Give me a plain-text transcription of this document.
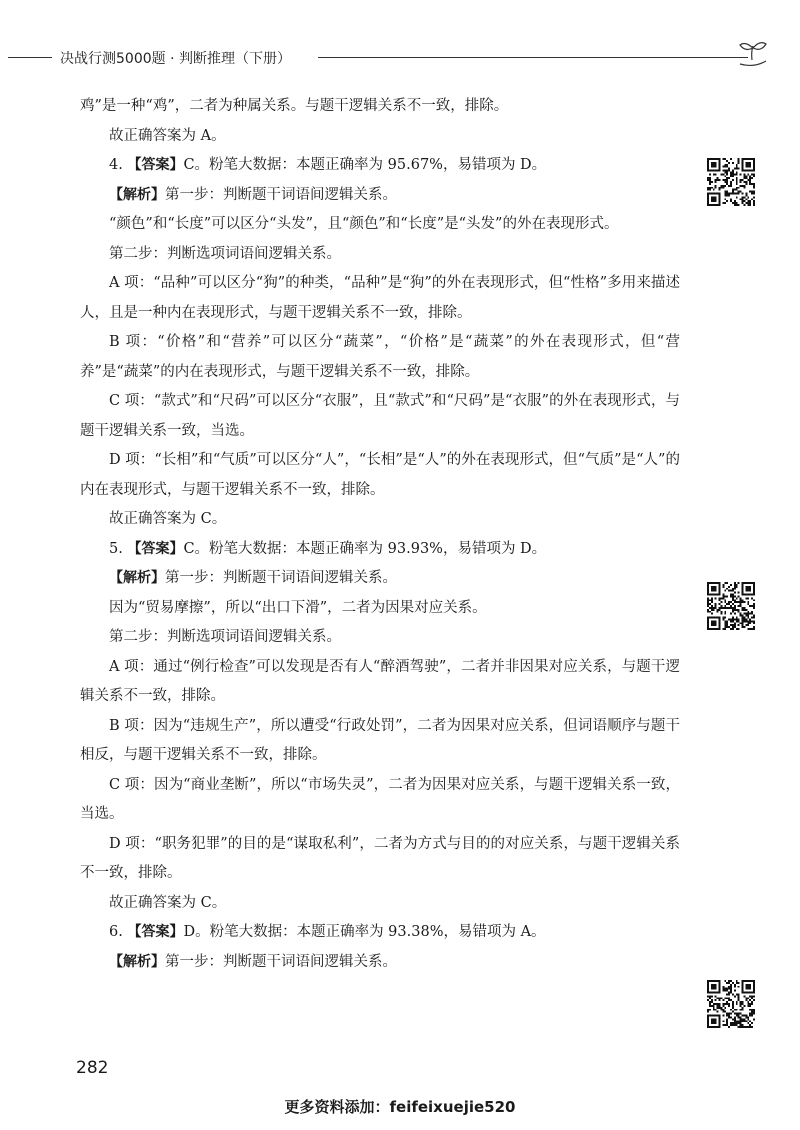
决战行测5000题 · 判断推理（下册）

鸡”是一种“鸡”，二者为种属关系。与题干逻辑关系不一致，排除。

故正确答案为 A。

4. 【答案】C。粉笔大数据：本题正确率为 95.67%，易错项为 D。

【解析】第一步：判断题干词语间逻辑关系。

“颜色”和“长度”可以区分“头发”，且“颜色”和“长度”是“头发”的外在表现形式。

第二步：判断选项词语间逻辑关系。

A 项：“品种”可以区分“狗”的种类，“品种”是“狗”的外在表现形式，但“性格”多用来描述人，且是一种内在表现形式，与题干逻辑关系不一致，排除。

B 项：“价格”和“营养”可以区分“蔬菜”，“价格”是“蔬菜”的外在表现形式，但“营养”是“蔬菜”的内在表现形式，与题干逻辑关系不一致，排除。

C 项：“款式”和“尺码”可以区分“衣服”，且“款式”和“尺码”是“衣服”的外在表现形式，与题干逻辑关系一致，当选。

D 项：“长相”和“气质”可以区分“人”，“长相”是“人”的外在表现形式，但“气质”是“人”的内在表现形式，与题干逻辑关系不一致，排除。

故正确答案为 C。

5. 【答案】C。粉笔大数据：本题正确率为 93.93%，易错项为 D。

【解析】第一步：判断题干词语间逻辑关系。

因为“贸易摩擦”，所以“出口下滑”，二者为因果对应关系。

第二步：判断选项词语间逻辑关系。

A 项：通过“例行检查”可以发现是否有人“醉酒驾驶”，二者并非因果对应关系，与题干逻辑关系不一致，排除。

B 项：因为“违规生产”，所以遭受“行政处罚”，二者为因果对应关系，但词语顺序与题干相反，与题干逻辑关系不一致，排除。

C 项：因为“商业垄断”，所以“市场失灵”，二者为因果对应关系，与题干逻辑关系一致，当选。

D 项：“职务犯罪”的目的是“谋取私利”，二者为方式与目的的对应关系，与题干逻辑关系不一致，排除。

故正确答案为 C。

6. 【答案】D。粉笔大数据：本题正确率为 93.38%，易错项为 A。

【解析】第一步：判断题干词语间逻辑关系。

282
更多资料添加：feifeixuejie520
